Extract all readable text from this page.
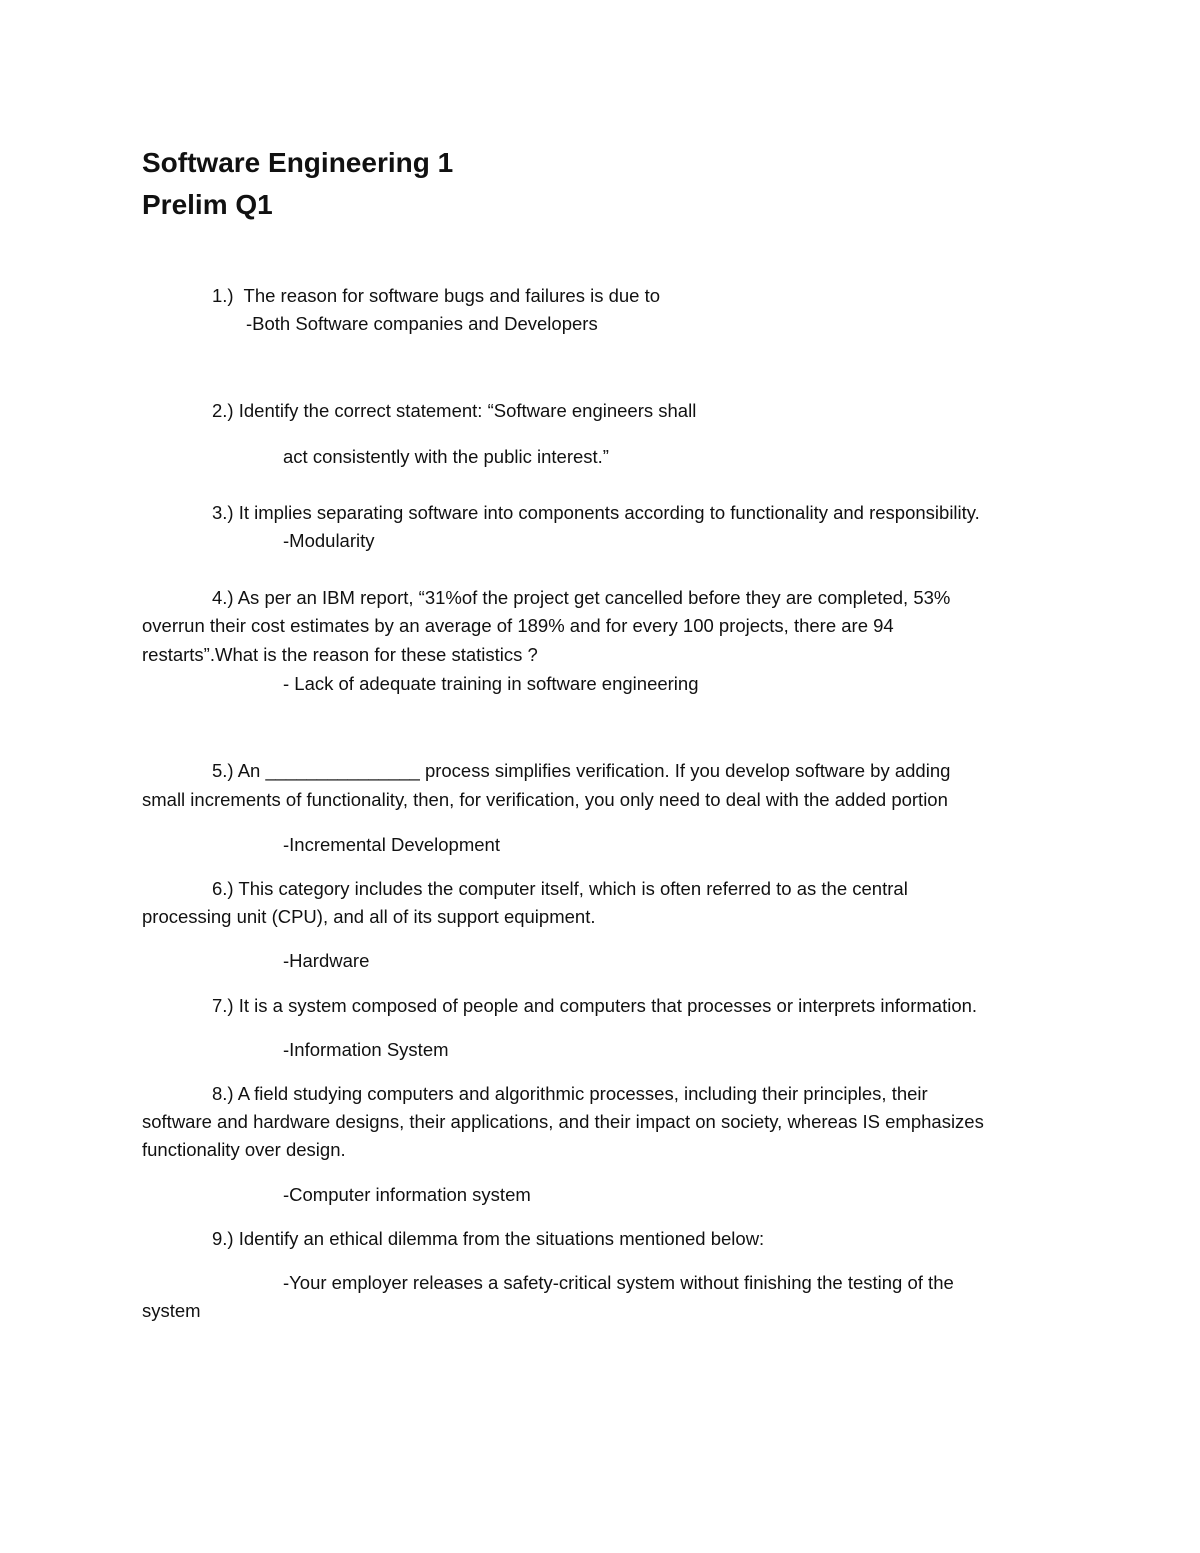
Software Engineering 1
Prelim Q1
1.)  The reason for software bugs and failures is due to
-Both Software companies and Developers
2.) Identify the correct statement: “Software engineers shall
act consistently with the public interest.”
3.) It implies separating software into components according to functionality and responsibility.
-Modularity
4.) As per an IBM report, “31%of the project get cancelled before they are completed, 53%
overrun their cost estimates by an average of 189% and for every 100 projects, there are 94
restarts”.What is the reason for these statistics ?
- Lack of adequate training in software engineering
5.) An _______________ process simplifies verification. If you develop software by adding
small increments of functionality, then, for verification, you only need to deal with the added portion
-Incremental Development
6.) This category includes the computer itself, which is often referred to as the central
processing unit (CPU), and all of its support equipment.
-Hardware
7.) It is a system composed of people and computers that processes or interprets information.
-Information System
8.) A field studying computers and algorithmic processes, including their principles, their
software and hardware designs, their applications, and their impact on society, whereas IS emphasizes
functionality over design.
-Computer information system
9.) Identify an ethical dilemma from the situations mentioned below:
-Your employer releases a safety-critical system without finishing the testing of the
system
